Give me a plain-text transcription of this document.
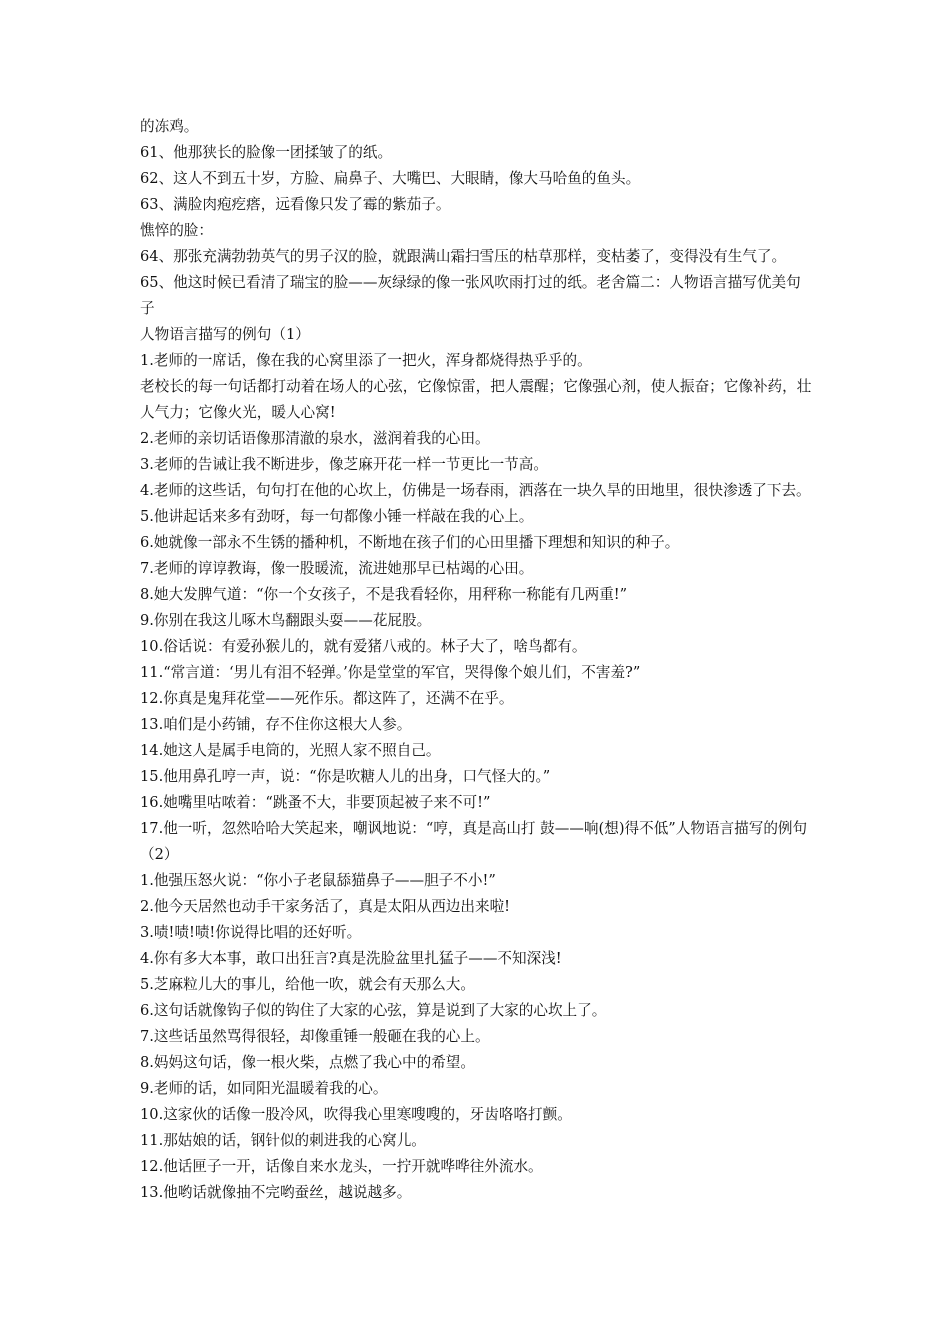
的冻鸡。

61、他那狭长的脸像一团揉皱了的纸。

62、这人不到五十岁，方脸、扁鼻子、大嘴巴、大眼睛，像大马哈鱼的鱼头。

63、满脸肉疱疙瘩，远看像只发了霉的紫茄子。

憔悴的脸：

64、那张充满勃勃英气的男子汉的脸，就跟满山霜扫雪压的枯草那样，变枯萎了，变得没有生气了。

65、他这时候已看清了瑞宝的脸——灰绿绿的像一张风吹雨打过的纸。老舍篇二：人物语言描写优美句子

人物语言描写的例句（1）

1.老师的一席话，像在我的心窝里添了一把火，浑身都烧得热乎乎的。

老校长的每一句话都打动着在场人的心弦，它像惊雷，把人震醒；它像强心剂，使人振奋；它像补药，壮人气力；它像火光，暖人心窝!

2.老师的亲切话语像那清澈的泉水，滋润着我的心田。

3.老师的告诫让我不断进步，像芝麻开花一样一节更比一节高。

4.老师的这些话，句句打在他的心坎上，仿佛是一场春雨，洒落在一块久旱的田地里，很快渗透了下去。

5.他讲起话来多有劲呀，每一句都像小锤一样敲在我的心上。

6.她就像一部永不生锈的播种机，不断地在孩子们的心田里播下理想和知识的种子。

7.老师的谆谆教诲，像一股暖流，流进她那早已枯竭的心田。

8.她大发脾气道：“你一个女孩子，不是我看轻你，用秤称一称能有几两重!”

9.你别在我这儿啄木鸟翻跟头耍——花屁股。

10.俗话说：有爱孙猴儿的，就有爱猪八戒的。林子大了，啥鸟都有。

11.“常言道：‘男儿有泪不轻弹。’你是堂堂的军官，哭得像个娘儿们，不害羞?”

12.你真是鬼拜花堂——死作乐。都这阵了，还满不在乎。

13.咱们是小药铺，存不住你这根大人参。

14.她这人是属手电筒的，光照人家不照自己。

15.他用鼻孔哼一声，说：“你是吹糖人儿的出身，口气怪大的。”

16.她嘴里咕哝着：“跳蚤不大，非要顶起被子来不可!”

17.他一听，忽然哈哈大笑起来，嘲讽地说：“哼，真是高山打 鼓——响(想)得不低”人物语言描写的例句（2）

1.他强压怒火说：“你小子老鼠舔猫鼻子——胆子不小!”

2.他今天居然也动手干家务活了，真是太阳从西边出来啦!

3.啧!啧!啧!你说得比唱的还好听。

4.你有多大本事，敢口出狂言?真是洗脸盆里扎猛子——不知深浅!

5.芝麻粒儿大的事儿，给他一吹，就会有天那么大。

6.这句话就像钩子似的钩住了大家的心弦，算是说到了大家的心坎上了。

7.这些话虽然骂得很轻，却像重锤一般砸在我的心上。

8.妈妈这句话，像一根火柴，点燃了我心中的希望。

9.老师的话，如同阳光温暖着我的心。

10.这家伙的话像一股冷风，吹得我心里寒嗖嗖的，牙齿咯咯打颤。

11.那姑娘的话，钢针似的刺进我的心窝儿。

12.他话匣子一开，话像自来水龙头，一拧开就哗哗往外流水。

13.他哟话就像抽不完哟蚕丝，越说越多。
